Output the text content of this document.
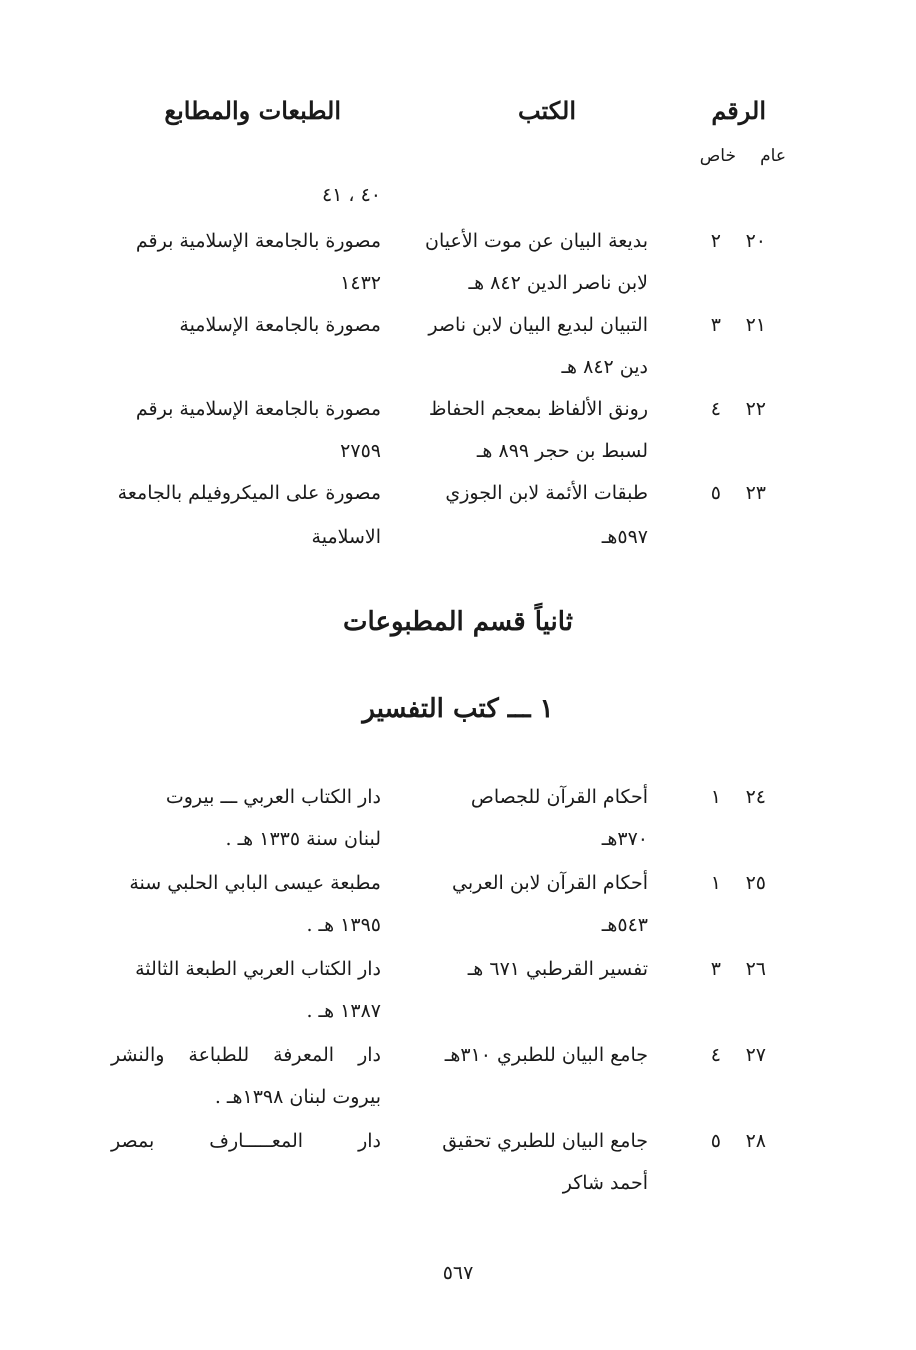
الرقم
الكتب
الطبعات والمطابع
عام
خاص
٤٠ ، ٤١
٢٠
٢
بديعة البيان عن موت الأعيان
لابن ناصر الدين ٨٤٢ هـ
مصورة بالجامعة الإسلامية برقم
١٤٣٢
٢١
٣
التبيان لبديع البيان لابن ناصر
دين ٨٤٢ هـ
مصورة بالجامعة الإسلامية
٢٢
٤
رونق الألفاظ بمعجم الحفاظ
لسبط بن حجر ٨٩٩ هـ
مصورة بالجامعة الإسلامية برقم
٢٧٥٩
٢٣
٥
طبقات الأئمة لابن الجوزي
٥٩٧هـ
مصورة على الميكروفيلم بالجامعة
الاسلامية
ثانياً قسم المطبوعات
١ ـــ كتب التفسير
٢٤
١
أحكام القرآن للجصاص
٣٧٠هـ
دار الكتاب العربي ـــ بيروت
لبنان سنة ١٣٣٥ هـ .
٢٥
١
أحكام القرآن لابن العربي
٥٤٣هـ
مطبعة عيسى البابي الحلبي سنة
١٣٩٥ هـ .
٢٦
٣
تفسير القرطبي ٦٧١ هـ
دار الكتاب العربي الطبعة الثالثة
١٣٨٧ هـ .
٢٧
٤
جامع البيان للطبري ٣١٠هـ
دار المعرفة للطباعة والنشر
بيروت لبنان ١٣٩٨هـ .
٢٨
٥
جامع البيان للطبري تحقيق
أحمد شاكر
دار المعـــــارف بمصر
٥٦٧
